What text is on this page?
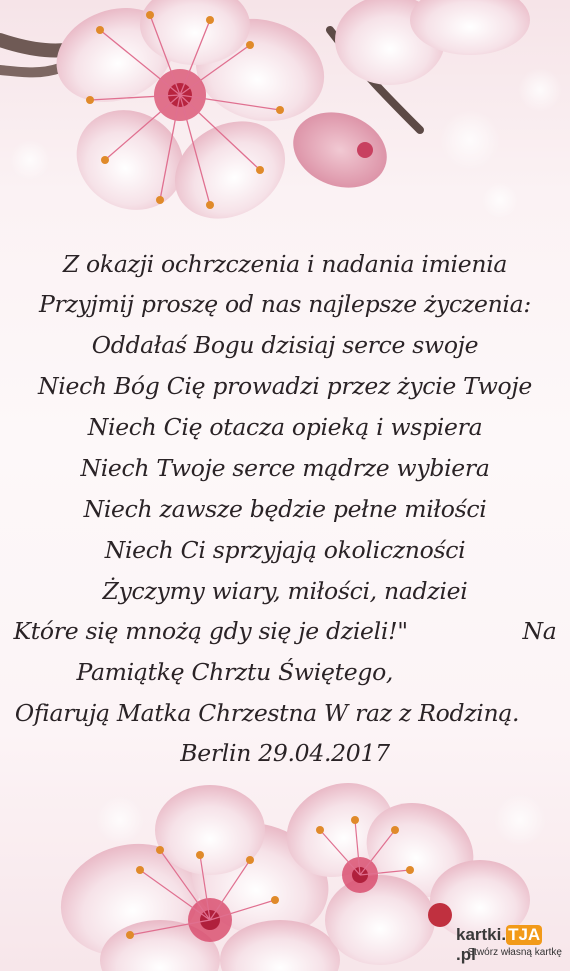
Z okazji ochrzczenia i nadania imienia
Przyjmij proszę od nas najlepsze życzenia:
Oddałaś Bogu dzisiaj serce swoje
Niech Bóg Cię prowadzi przez życie Twoje
Niech Cię otacza opieką i wspiera
Niech Twoje serce mądrze wybiera
Niech zawsze będzie pełne miłości
Niech Ci sprzyjają okoliczności
Życzymy wiary, miłości, nadziei
Które się mnożą gdy się je dzieli!"                Na
Pamiątkę Chrztu Świętego,
Ofiarują Matka Chrzestna W raz z Rodziną.
Berlin 29.04.2017
kartki. TJA.pl
Stwórz własną kartkę
